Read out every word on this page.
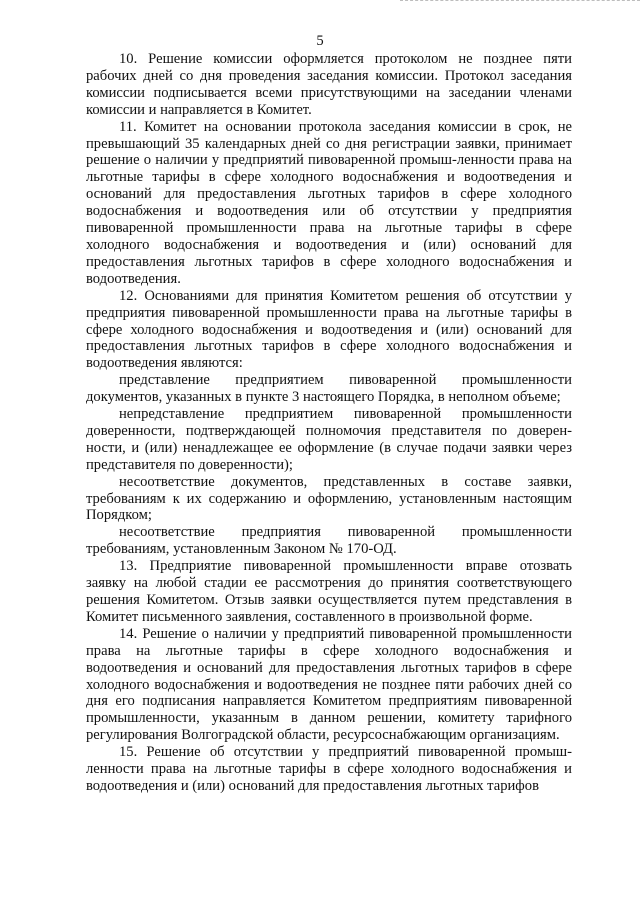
5

10. Решение комиссии оформляется протоколом не позднее пяти рабочих дней со дня проведения заседания комиссии. Протокол заседания комиссии подписывается всеми присутствующими на заседании членами комиссии и направляется в Комитет.

11. Комитет на основании протокола заседания комиссии в срок, не превышающий 35 календарных дней со дня регистрации заявки, принимает решение о наличии у предприятий пивоваренной промыш-ленности права на льготные тарифы в сфере холодного водоснабжения и водоотведения и оснований для предоставления льготных тарифов в сфере холодного водоснабжения и водоотведения или об отсутствии у предприятия пивоваренной промышленности права на льготные тарифы в сфере холодного водоснабжения и водоотведения и (или) оснований для предоставления льготных тарифов в сфере холодного водоснабжения и водоотведения.

12. Основаниями для принятия Комитетом решения об отсутствии у предприятия пивоваренной промышленности права на льготные тарифы в сфере холодного водоснабжения и водоотведения и (или) оснований для предоставления льготных тарифов в сфере холодного водоснабжения и водоотведения являются:

представление предприятием пивоваренной промышленности документов, указанных в пункте 3 настоящего Порядка, в неполном объеме;

непредставление предприятием пивоваренной промышленности доверенности, подтверждающей полномочия представителя по доверен-ности, и (или) ненадлежащее ее оформление (в случае подачи заявки через представителя по доверенности);

несоответствие документов, представленных в составе заявки, требованиям к их содержанию и оформлению, установленным настоящим Порядком;

несоответствие предприятия пивоваренной промышленности требованиям, установленным Законом № 170-ОД.

13. Предприятие пивоваренной промышленности вправе отозвать заявку на любой стадии ее рассмотрения до принятия соответствующего решения Комитетом. Отзыв заявки осуществляется путем представления в Комитет письменного заявления, составленного в произвольной форме.

14. Решение о наличии у предприятий пивоваренной промышленности права на льготные тарифы в сфере холодного водоснабжения и водоотведения и оснований для предоставления льготных тарифов в сфере холодного водоснабжения и водоотведения не позднее пяти рабочих дней со дня его подписания направляется Комитетом предприятиям пивоваренной промышленности, указанным в данном решении, комитету тарифного регулирования Волгоградской области, ресурсоснабжающим организациям.

15. Решение об отсутствии у предприятий пивоваренной промыш-ленности права на льготные тарифы в сфере холодного водоснабжения и водоотведения и (или) оснований для предоставления льготных тарифов
